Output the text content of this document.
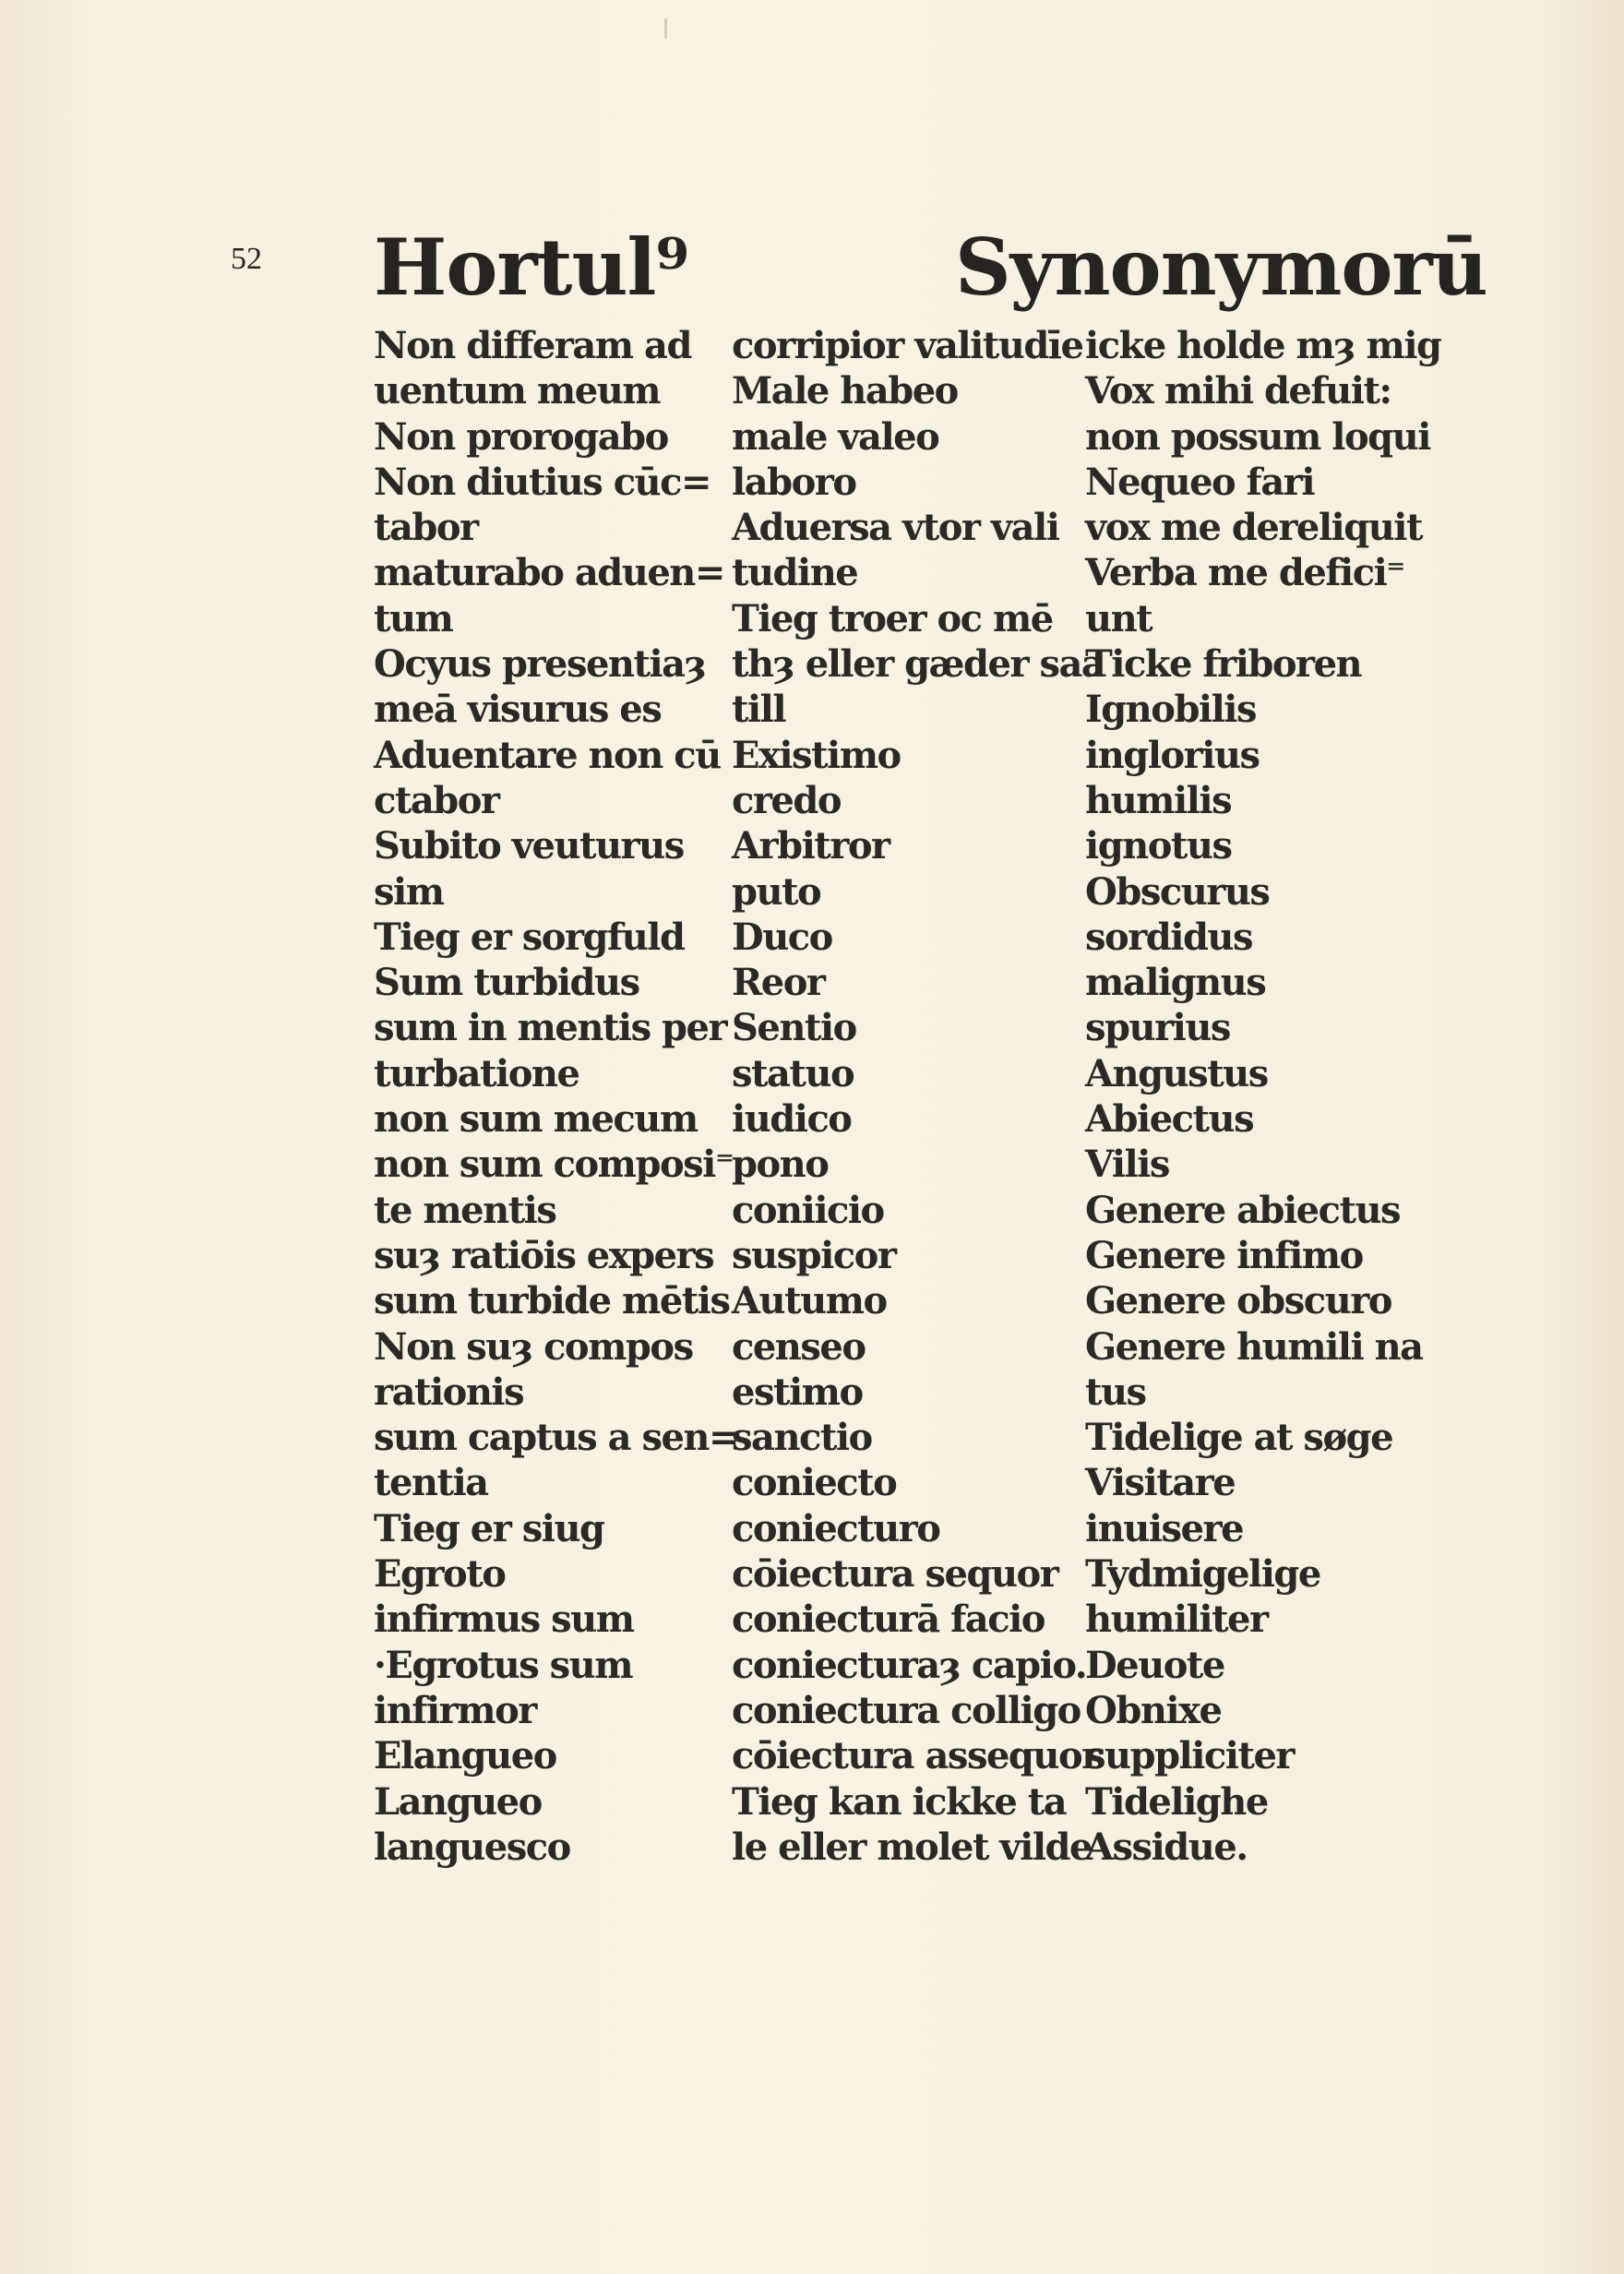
52 Hortul⁹	Synonymorū
Non differam ad
uentum meum
Non prorogabo
Non diutius cūc=
tabor
maturabo aduen=
tum
Ocyus presentiaȝ
meā visurus es
Aduentare non cū
ctabor
Subito veuturus
sim
Tieg er sorgfuld
Sum turbidus
sum in mentis per
turbatione
non sum mecum
non sum composi⁼
te mentis
suȝ ratiōis expers
sum turbide mētis
Non suȝ compos
rationis
sum captus a sen=
tentia
Tieg er siug
Egroto
infirmus sum
·Egrotus sum
infirmor
Elangueo
Langueo
languesco
corripior valitudīe
Male habeo
male valeo
laboro
Aduersa vtor vali
tudine
Tieg troer oc mē
thȝ eller gæder saa
till
Existimo
credo
Arbitror
puto
Duco
Reor
Sentio
statuo
iudico
pono
coniicio
suspicor
Autumo
censeo
estimo
sanctio
coniecto
coniecturo
cōiectura sequor
coniecturā facio
coniecturaȝ capio.
coniectura colligo
cōiectura assequor
Tieg kan ickke ta
le eller molet vilde
icke holde mȝ mig
Vox mihi defuit:
non possum loqui
Nequeo fari
vox me dereliquit
Verba me defici⁼
unt
Ticke friboren
Ignobilis
inglorius
humilis
ignotus
Obscurus
sordidus
malignus
spurius
Angustus
Abiectus
Vilis
Genere abiectus
Genere infimo
Genere obscuro
Genere humili na
tus
Tidelige at søge
Visitare
inuisere
Tydmigelige
humiliter
Deuote
Obnixe
suppliciter
Tidelighe
Assidue.
